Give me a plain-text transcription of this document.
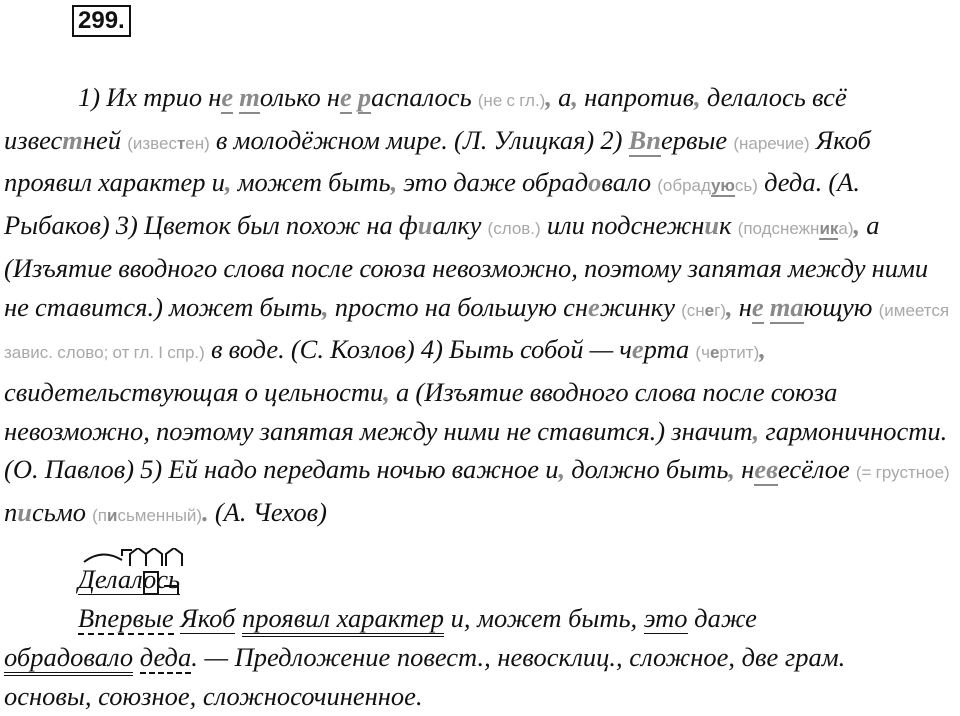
299.
1) Их трио не только не распалось (не с гл.), а, напротив, делалось всё известней (известен) в молодёжном мире. (Л. Улицкая) 2) Впервые (наречие) Якоб проявил характер и, может быть, это даже обрадовало (обрадуюсь) деда. (А. Рыбаков) 3) Цветок был похож на фиалку (слов.) или подснежник (подснежника), а (Изъятие вводного слова после союза невозможно, поэтому запятая между ними не ставится.) может быть, просто на большую снежинку (снег), не тающую (имеется завис. слово; от гл. I спр.) в воде. (С. Козлов) 4) Быть собой — черта (чертит), свидетельствующая о цельности, а (Изъятие вводного слова после союза невозможно, поэтому запятая между ними не ставится.) значит, гармоничности. (О. Павлов) 5) Ей надо передать ночью важное и, должно быть, невесёлое (= грустное) письмо (письменный). (А. Чехов)
Делалось
Впервые Якоб проявил характер и, может быть, это даже
обрадовало деда. — Предложение повест., невосклиц., сложное, две грам.
основы, союзное, сложносочиненное.
